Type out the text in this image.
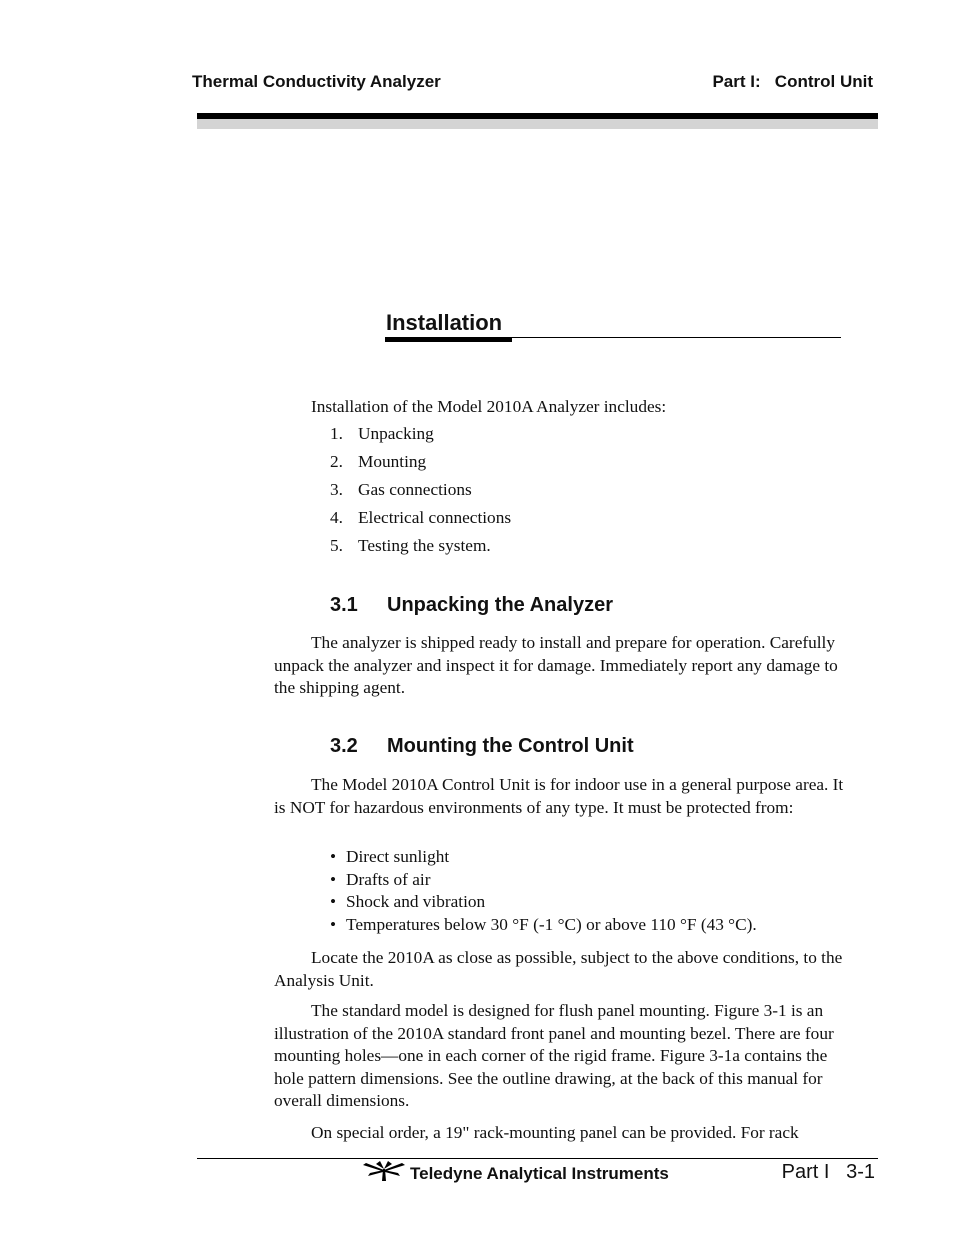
Thermal Conductivity Analyzer	Part I:   Control Unit
Installation
Installation of the Model 2010A Analyzer includes:
1. Unpacking
2. Mounting
3. Gas connections
4. Electrical connections
5. Testing the system.
3.1 Unpacking the Analyzer
The analyzer is shipped ready to install and prepare for operation. Carefully unpack the analyzer and inspect it for damage. Immediately report any damage to the shipping agent.
3.2 Mounting the Control Unit
The Model 2010A Control Unit is for indoor use in a general purpose area. It is NOT for hazardous environments of any type. It must be protected from:
• Direct sunlight
• Drafts of air
• Shock and vibration
• Temperatures below 30 °F (-1 °C) or above 110 °F (43 °C).
Locate the 2010A as close as possible, subject to the above conditions, to the Analysis Unit.
The standard model is designed for flush panel mounting. Figure 3-1 is an illustration of the 2010A standard front panel and mounting bezel. There are four mounting holes—one in each corner of the rigid frame. Figure 3-1a contains the hole pattern dimensions. See the outline drawing, at the back of this manual for overall dimensions.
On special order, a 19" rack-mounting panel can be provided. For rack
Teledyne Analytical Instruments	Part I   3-1
